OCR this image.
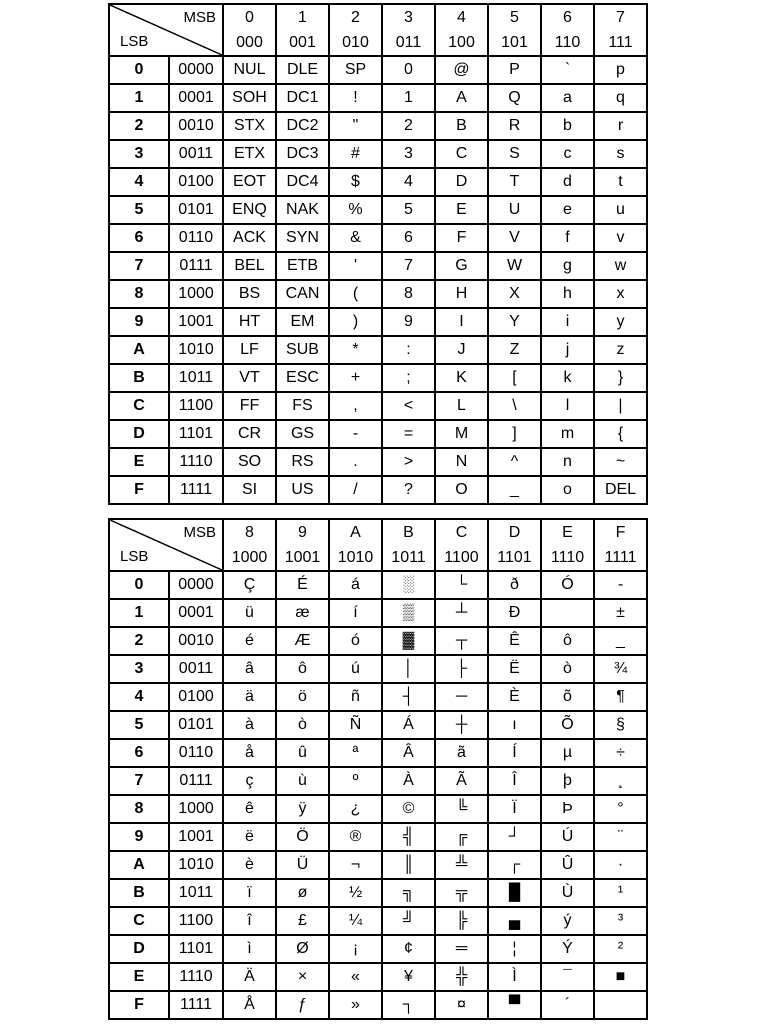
MSB
LSB		0	1	2	3	4	5	6	7
		000	001	010	011	100	101	110	111
0	0000	NUL	DLE	SP	0	@	P	`	p
1	0001	SOH	DC1	!	1	A	Q	a	q
2	0010	STX	DC2	"	2	B	R	b	r
3	0011	ETX	DC3	#	3	C	S	c	s
4	0100	EOT	DC4	$	4	D	T	d	t
5	0101	ENQ	NAK	%	5	E	U	e	u
6	0110	ACK	SYN	&	6	F	V	f	v
7	0111	BEL	ETB	'	7	G	W	g	w
8	1000	BS	CAN	(	8	H	X	h	x
9	1001	HT	EM	)	9	I	Y	i	y
A	1010	LF	SUB	*	:	J	Z	j	z
B	1011	VT	ESC	+	;	K	[	k	}
C	1100	FF	FS	,	<	L	\	l	|
D	1101	CR	GS	-	=	M	]	m	{
E	1110	SO	RS	.	>	N	^	n	~
F	1111	SI	US	/	?	O	_	o	DEL
MSB
LSB		8	9	A	B	C	D	E	F
		1000	1001	1010	1011	1100	1101	1110	1111
0	0000	Ç	É	á	░	└	ð	Ó	-
1	0001	ü	æ	í	▒	┴	Ð		±
2	0010	é	Æ	ó	▓	┬	Ê	ô	_
3	0011	â	ô	ú	│	├	Ë	ò	¾
4	0100	ä	ö	ñ	┤	─	È	õ	¶
5	0101	à	ò	Ñ	Á	┼	ı	Õ	§
6	0110	å	û	ª	Â	ã	Í	µ	÷
7	0111	ç	ù	º	À	Ã	Î	þ	¸
8	1000	ê	ÿ	¿	©	╚	Ï	Þ	°
9	1001	ë	Ö	®	╣	╔	┘	Ú	¨
A	1010	è	Ü	¬	║	╩	┌	Û	·
B	1011	ï	ø	½	╗	╦	█	Ù	¹
C	1100	î	£	¼	╝	╠	▄	ý	³
D	1101	ì	Ø	¡	¢	═	¦	Ý	²
E	1110	Ä	×	«	¥	╬	Ì	¯	■
F	1111	Å	ƒ	»	┐	¤	▀	´	
